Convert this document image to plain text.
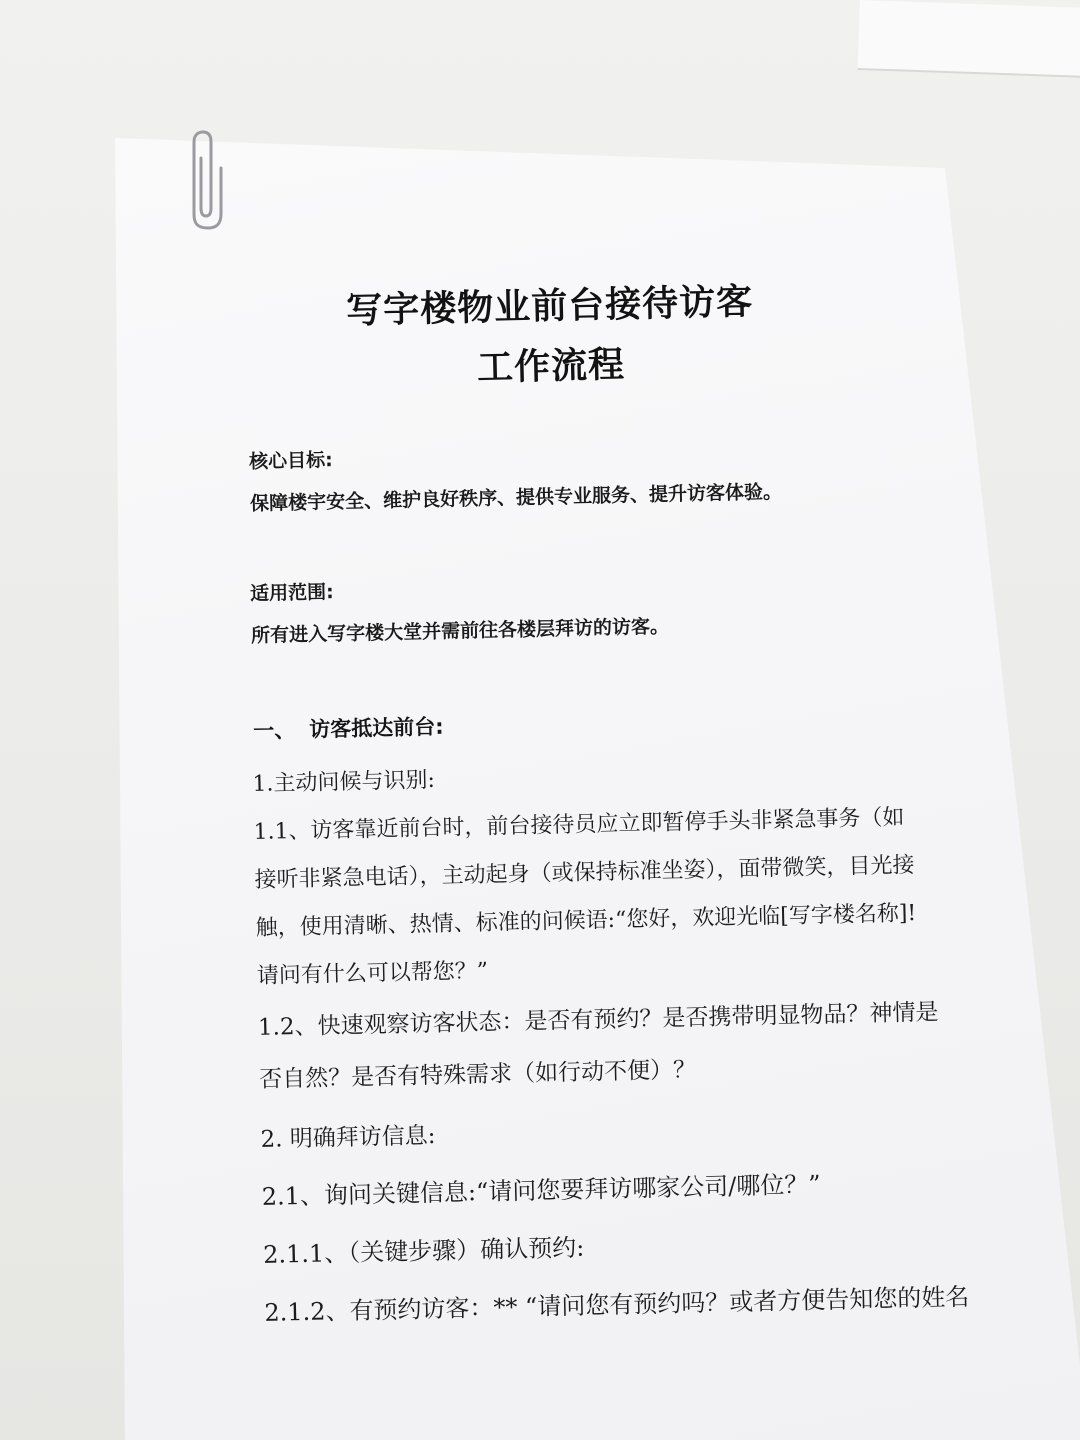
写字楼物业前台接待访客
工作流程
核心目标:
保障楼宇安全、维护良好秩序、提供专业服务、提升访客体验。
适用范围:
所有进入写字楼大堂并需前往各楼层拜访的访客。
一、 访客抵达前台:
1.主动问候与识别:
1.1、访客靠近前台时，前台接待员应立即暂停手头非紧急事务（如
接听非紧急电话），主动起身（或保持标准坐姿），面带微笑，目光接
触，使用清晰、热情、标准的问候语:“您好，欢迎光临[写字楼名称]!
请问有什么可以帮您？”
1.2、快速观察访客状态：是否有预约？是否携带明显物品？神情是
否自然？是否有特殊需求（如行动不便）？
2. 明确拜访信息:
2.1、询问关键信息:“请问您要拜访哪家公司/哪位？”
2.1.1、（关键步骤）确认预约:
2.1.2、有预约访客：** “请问您有预约吗？或者方便告知您的姓名
